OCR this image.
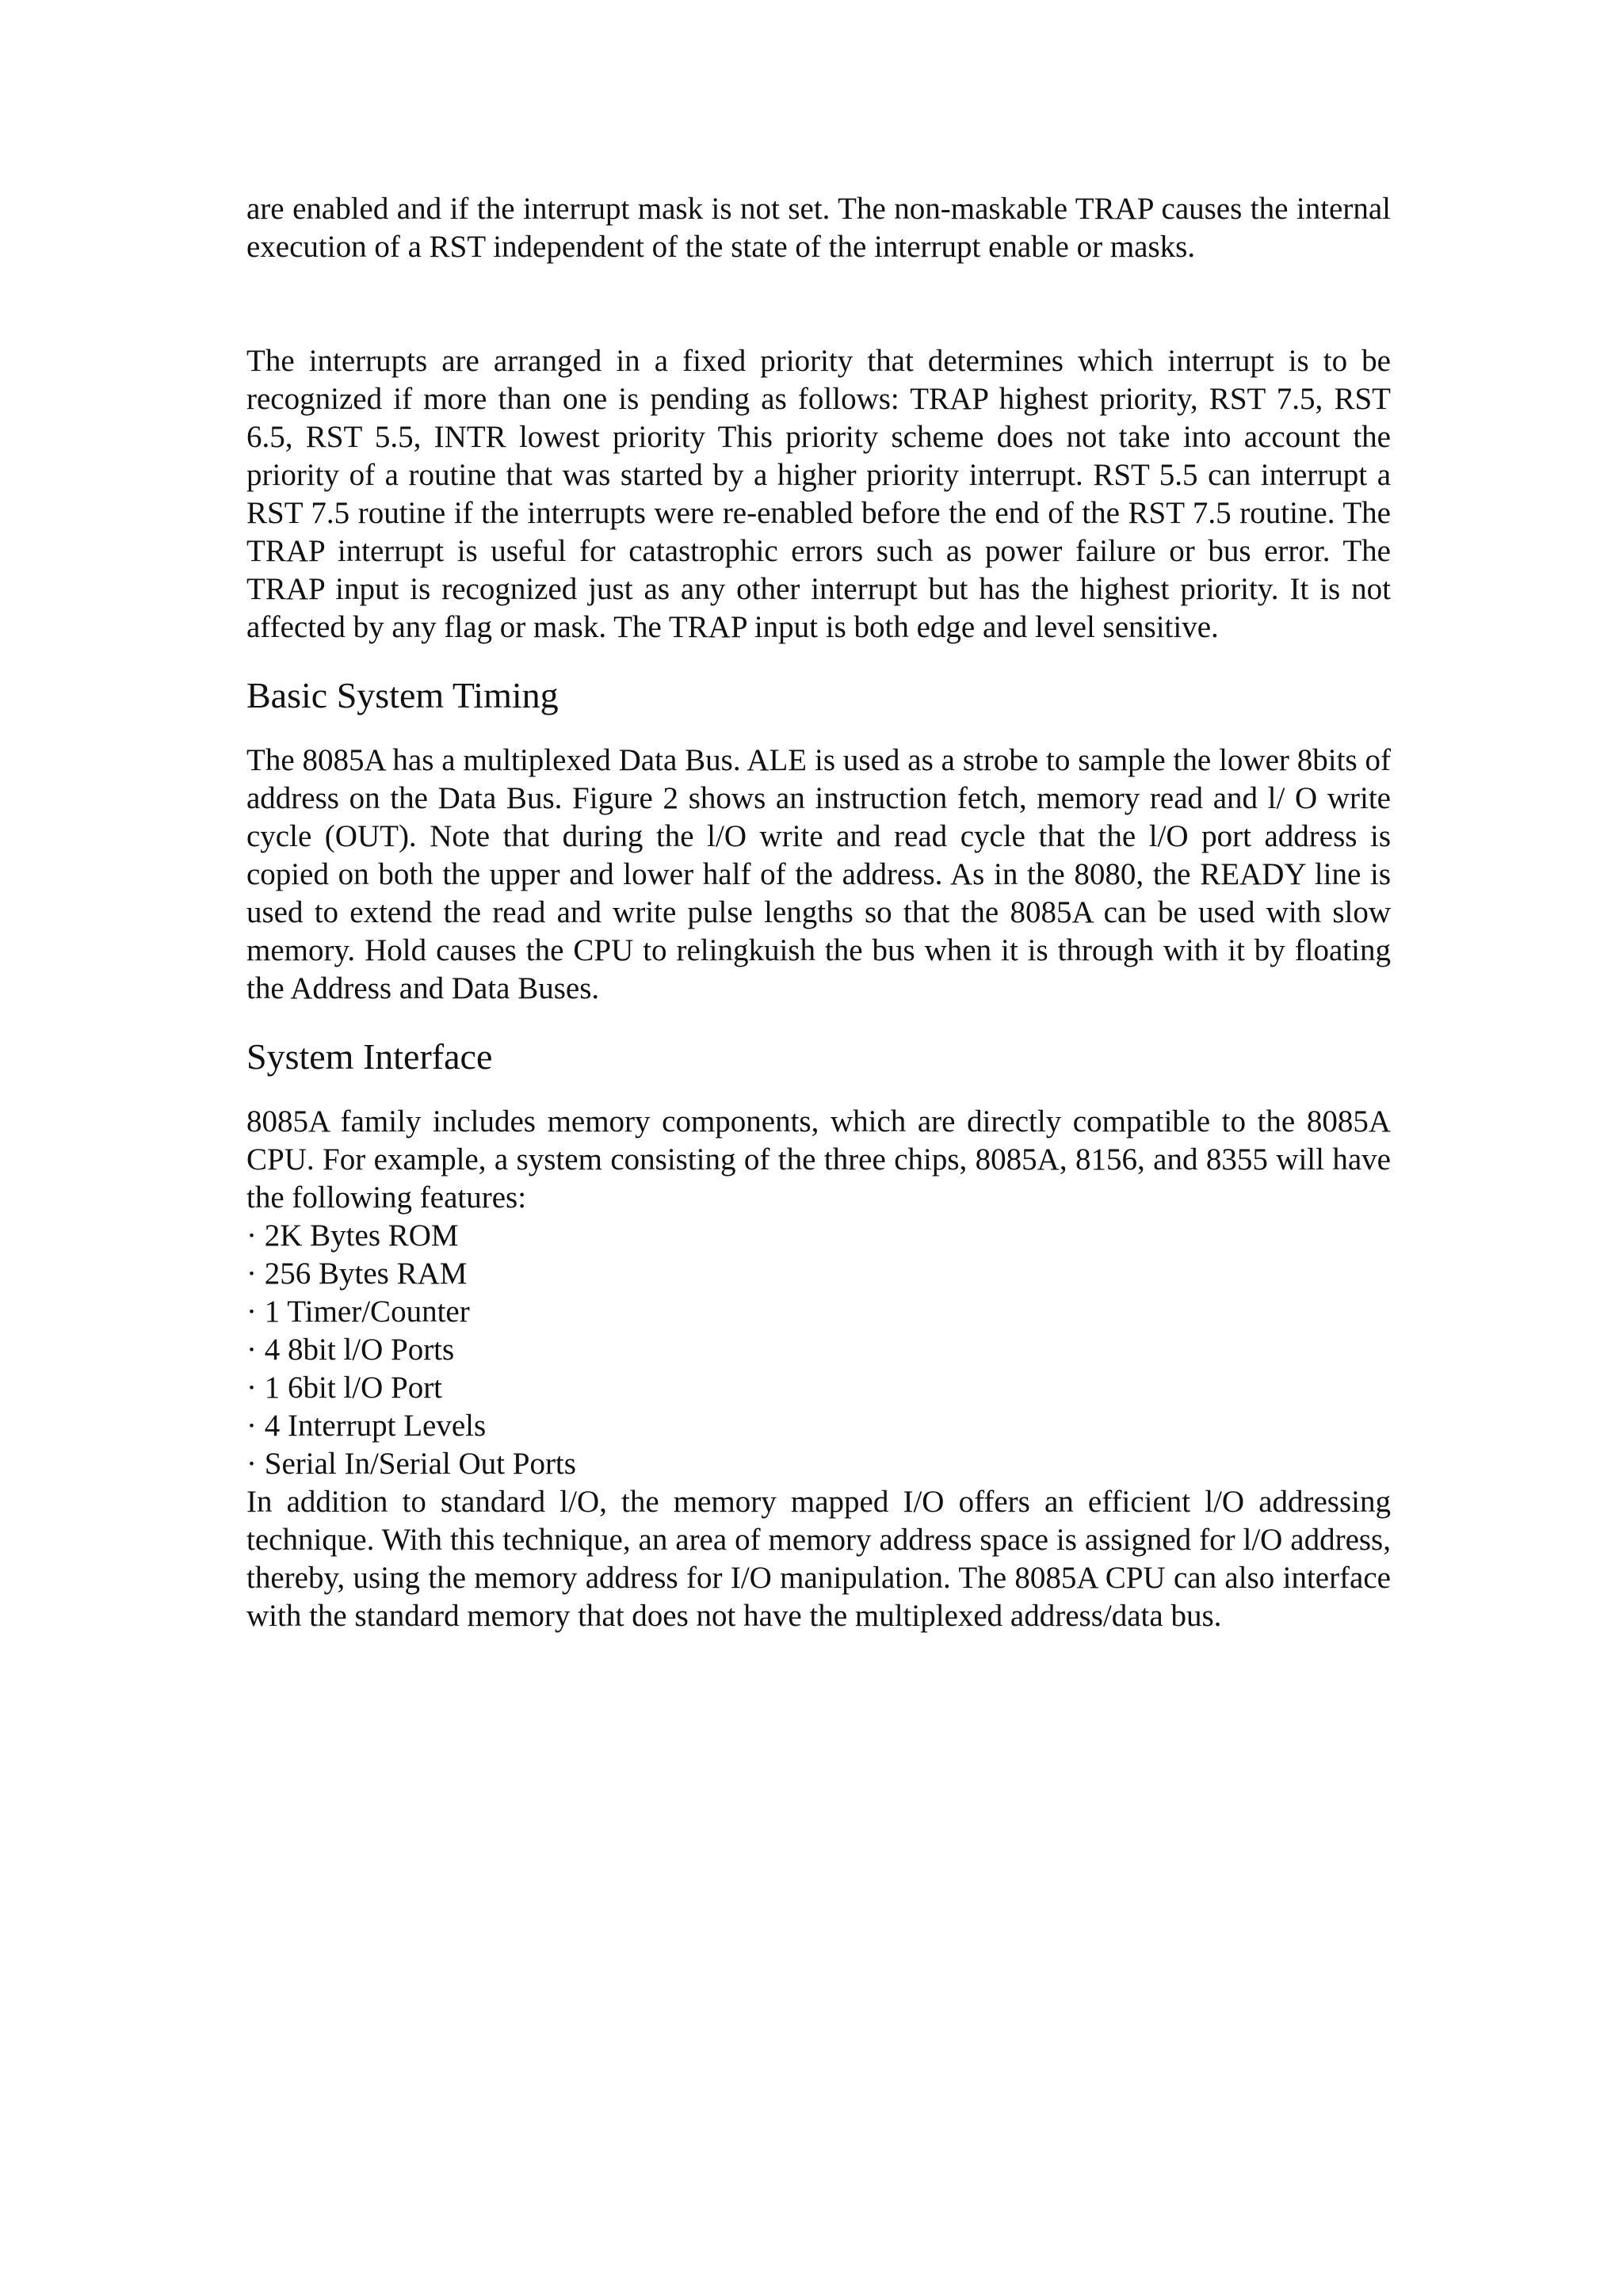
are enabled and if the interrupt mask is not set. The non-maskable TRAP causes the internal execution of a RST independent of the state of the interrupt enable or masks.

The interrupts are arranged in a fixed priority that determines which interrupt is to be recognized if more than one is pending as follows: TRAP highest priority, RST 7.5, RST 6.5, RST 5.5, INTR lowest priority This priority scheme does not take into account the priority of a routine that was started by a higher priority interrupt. RST 5.5 can interrupt a RST 7.5 routine if the interrupts were re-enabled before the end of the RST 7.5 routine. The TRAP interrupt is useful for catastrophic errors such as power failure or bus error. The TRAP input is recognized just as any other interrupt but has the highest priority. It is not affected by any flag or mask. The TRAP input is both edge and level sensitive.

Basic System Timing

The 8085A has a multiplexed Data Bus. ALE is used as a strobe to sample the lower 8bits of address on the Data Bus. Figure 2 shows an instruction fetch, memory read and l/ O write cycle (OUT). Note that during the l/O write and read cycle that the l/O port address is copied on both the upper and lower half of the address. As in the 8080, the READY line is used to extend the read and write pulse lengths so that the 8085A can be used with slow memory. Hold causes the CPU to relingkuish the bus when it is through with it by floating the Address and Data Buses.

System Interface

8085A family includes memory components, which are directly compatible to the 8085A CPU. For example, a system consisting of the three chips, 8085A, 8156, and 8355 will have the following features:

· 2K Bytes ROM
· 256 Bytes RAM
· 1 Timer/Counter
· 4 8bit l/O Ports
· 1 6bit l/O Port
· 4 Interrupt Levels
· Serial In/Serial Out Ports

In addition to standard l/O, the memory mapped I/O offers an efficient l/O addressing technique. With this technique, an area of memory address space is assigned for l/O address, thereby, using the memory address for I/O manipulation. The 8085A CPU can also interface with the standard memory that does not have the multiplexed address/data bus.
